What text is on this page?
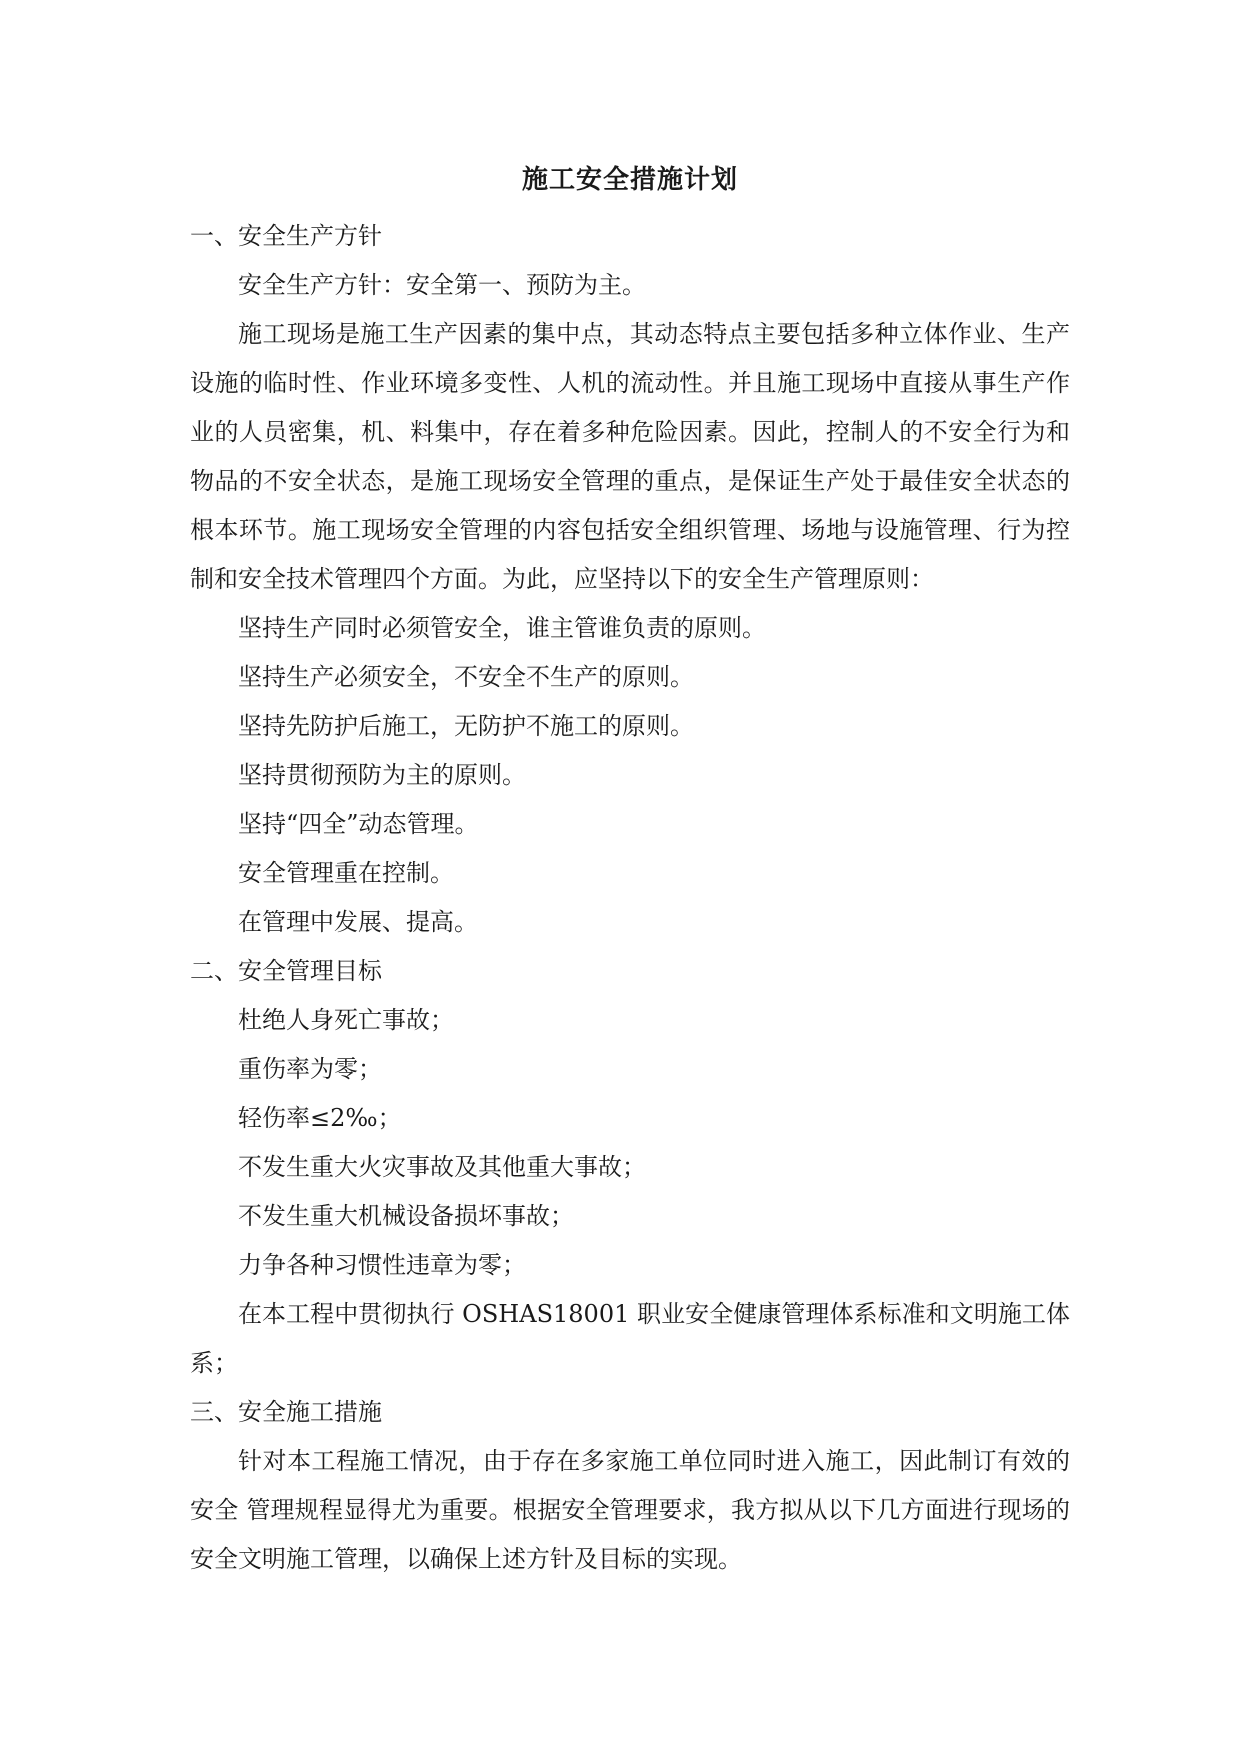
施工安全措施计划

一、安全生产方针

安全生产方针：安全第一、预防为主。

施工现场是施工生产因素的集中点，其动态特点主要包括多种立体作业、生产设施的临时性、作业环境多变性、人机的流动性。并且施工现场中直接从事生产作业的人员密集，机、料集中，存在着多种危险因素。因此，控制人的不安全行为和物品的不安全状态，是施工现场安全管理的重点，是保证生产处于最佳安全状态的根本环节。施工现场安全管理的内容包括安全组织管理、场地与设施管理、行为控制和安全技术管理四个方面。为此，应坚持以下的安全生产管理原则：

坚持生产同时必须管安全，谁主管谁负责的原则。

坚持生产必须安全，不安全不生产的原则。

坚持先防护后施工，无防护不施工的原则。

坚持贯彻预防为主的原则。

坚持“四全”动态管理。

安全管理重在控制。

在管理中发展、提高。

二、安全管理目标

杜绝人身死亡事故；

重伤率为零；

轻伤率≤2‰；

不发生重大火灾事故及其他重大事故；

不发生重大机械设备损坏事故；

力争各种习惯性违章为零；

在本工程中贯彻执行 OSHAS18001 职业安全健康管理体系标准和文明施工体系；

三、安全施工措施

针对本工程施工情况，由于存在多家施工单位同时进入施工，因此制订有效的安全 管理规程显得尤为重要。根据安全管理要求，我方拟从以下几方面进行现场的安全文明施工管理，以确保上述方针及目标的实现。
